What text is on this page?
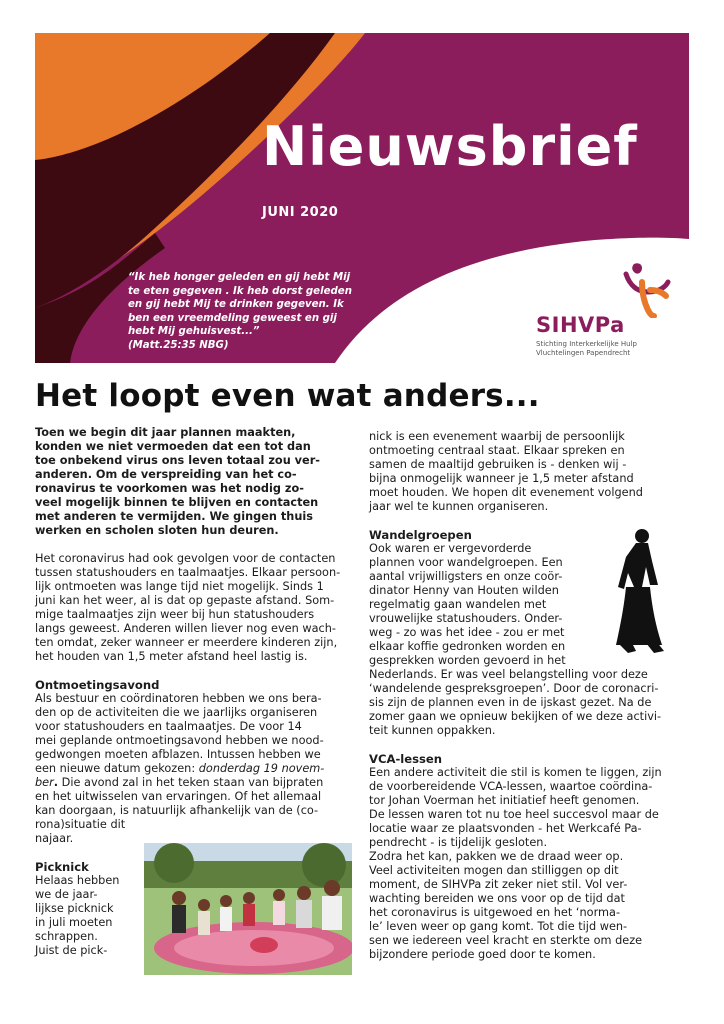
Nieuwsbrief
JUNI 2020
“Ik heb honger geleden en gij hebt Mij
te eten gegeven . Ik heb dorst geleden
en gij hebt Mij te drinken gegeven. Ik
ben een vreemdeling geweest en gij
hebt Mij gehuisvest...”
(Matt.25:35 NBG)
SIHVPa
Stichting Interkerkelijke Hulp
Vluchtelingen Papendrecht
Het loopt even wat anders...

Toen we begin dit jaar plannen maakten,
konden we niet vermoeden dat een tot dan
toe onbekend virus ons leven totaal zou ver-
anderen. Om de verspreiding van het co-
ronavirus te voorkomen was het nodig zo-
veel mogelijk binnen te blijven en contacten
met anderen te vermijden. We gingen thuis
werken en scholen sloten hun deuren.

Het coronavirus had ook gevolgen voor de contacten
tussen statushouders en taalmaatjes. Elkaar persoon-
lijk ontmoeten was lange tijd niet mogelijk. Sinds 1
juni kan het weer, al is dat op gepaste afstand. Som-
mige taalmaatjes zijn weer bij hun statushouders
langs geweest. Anderen willen liever nog even wach-
ten omdat, zeker wanneer er meerdere kinderen zijn,
het houden van 1,5 meter afstand heel lastig is.

Ontmoetingsavond

Als bestuur en coördinatoren hebben we ons bera-
den op de activiteiten die we jaarlijks organiseren
voor statushouders en taalmaatjes. De voor 14
mei geplande ontmoetingsavond hebben we nood-
gedwongen moeten afblazen. Intussen hebben we
een nieuwe datum gekozen: donderdag 19 novem-
ber. Die avond zal in het teken staan van bijpraten
en het uitwisselen van ervaringen. Of het allemaal
kan doorgaan, is natuurlijk afhankelijk van de (co-
rona)situatie dit
najaar.

Picknick

Helaas hebben
we de jaar-
lijkse picknick
in juli moeten
schrappen.
Juist de pick-

nick is een evenement waarbij de persoonlijk
ontmoeting centraal staat. Elkaar spreken en
samen de maaltijd gebruiken is - denken wij -
bijna onmogelijk wanneer je 1,5 meter afstand
moet houden. We hopen dit evenement volgend
jaar wel te kunnen organiseren.

Wandelgroepen

Ook waren er vergevorderde
plannen voor wandelgroepen. Een
aantal vrijwilligsters en onze coör-
dinator Henny van Houten wilden
regelmatig gaan wandelen met
vrouwelijke statushouders. Onder-
weg - zo was het idee - zou er met
elkaar koffie gedronken worden en
gesprekken worden gevoerd in het
Nederlands. Er was veel belangstelling voor deze
‘wandelende gespreksgroepen’. Door de coronacri-
sis zijn de plannen even in de ijskast gezet. Na de
zomer gaan we opnieuw bekijken of we deze activi-
teit kunnen oppakken.

VCA-lessen

Een andere activiteit die stil is komen te liggen, zijn
de voorbereidende VCA-lessen, waartoe coördina-
tor Johan Voerman het initiatief heeft genomen.
De lessen waren tot nu toe heel succesvol maar de
locatie waar ze plaatsvonden - het Werkcafé Pa-
pendrecht - is tijdelijk gesloten.
Zodra het kan, pakken we de draad weer op.
Veel activiteiten mogen dan stilliggen op dit
moment, de SIHVPa zit zeker niet stil. Vol ver-
wachting bereiden we ons voor op de tijd dat
het coronavirus is uitgewoed en het ‘norma-
le’ leven weer op gang komt. Tot die tijd wen-
sen we iedereen veel kracht en sterkte om deze
bijzondere periode goed door te komen.
